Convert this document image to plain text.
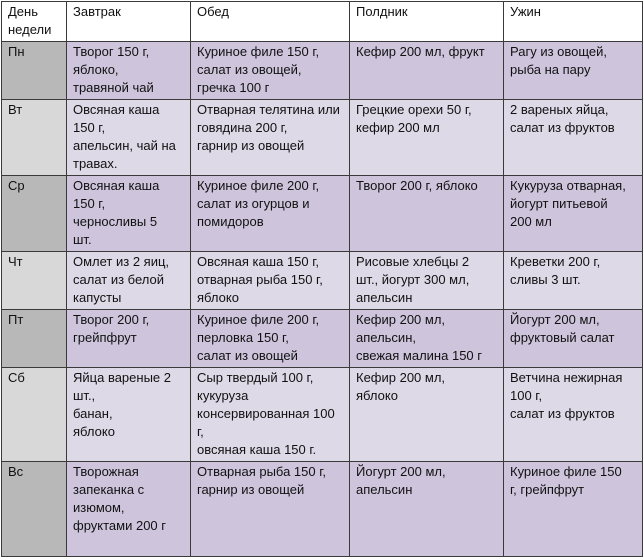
День
недели	Завтрак	Обед	Полдник	Ужин
Пн	Творог 150 г,
яблоко,
травяной чай	Куриное филе 150 г,
салат из овощей,
гречка 100 г	Кефир 200 мл, фрукт	Рагу из овощей,
рыба на пару
Вт	Овсяная каша
150 г,
апельсин, чай на
травах.	Отварная телятина или
говядина 200 г,
гарнир из овощей	Грецкие орехи 50 г,
кефир 200 мл	2 вареных яйца,
салат из фруктов
Ср	Овсяная каша
150 г,
черносливы 5
шт.	Куриное филе 200 г,
салат из огурцов и
помидоров	Творог 200 г, яблоко	Кукуруза отварная,
йогурт питьевой
200 мл
Чт	Омлет из 2 яиц,
салат из белой
капусты	Овсяная каша 150 г,
отварная рыба 150 г,
яблоко	Рисовые хлебцы 2
шт., йогурт 300 мл,
апельсин	Креветки 200 г,
сливы 3 шт.
Пт	Творог 200 г,
грейпфрут	Куриное филе 200 г,
перловка 150 г,
салат из овощей	Кефир 200 мл,
апельсин,
свежая малина 150 г	Йогурт 200 мл,
фруктовый салат
Сб	Яйца вареные 2
шт.,
банан,
яблоко	Сыр твердый 100 г,
кукуруза
консервированная 100
г,
овсяная каша 150 г.	Кефир 200 мл,
яблоко	Ветчина нежирная
100 г,
салат из фруктов
Вс	Творожная
запеканка с
изюмом,
фруктами 200 г	Отварная рыба 150 г,
гарнир из овощей	Йогурт 200 мл,
апельсин	Куриное филе 150
г, грейпфрут
